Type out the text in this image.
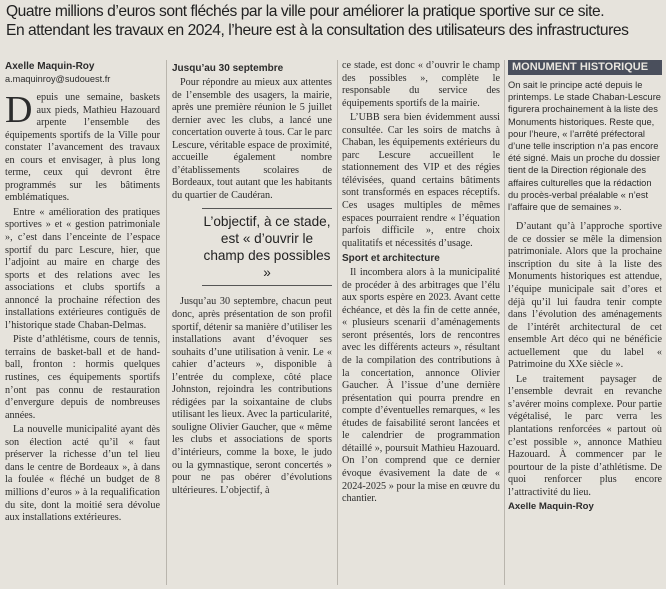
Quatre millions d’euros sont fléchés par la ville pour améliorer la pratique sportive sur ce site.
En attendant les travaux en 2024, l’heure est à la consultation des utilisateurs des infrastructures
Axelle Maquin-Roy
a.maquinroy@sudouest.fr

Depuis une semaine, baskets aux pieds, Mathieu Hazouard arpente l’ensemble des équipements sportifs de la Ville pour constater l’avancement des travaux en cours et envisager, à plus long terme, ceux qui devront être programmés sur les bâtiments emblématiques.

Entre « amélioration des pratiques sportives » et « gestion patrimoniale », c’est dans l’enceinte de l’espace sportif du parc Lescure, hier, que l’adjoint au maire en charge des sports et des relations avec les associations et clubs sportifs a annoncé la prochaine réfection des installations extérieures contiguës de l’historique stade Chaban-Delmas.

Piste d’athlétisme, cours de tennis, terrains de basket-ball et de hand-ball, fronton : hormis quelques rustines, ces équipements sportifs n’ont pas connu de restauration d’envergure depuis de nombreuses années.

La nouvelle municipalité ayant dès son élection acté qu’il « faut préserver la richesse d’un tel lieu dans le centre de Bordeaux », à dans la foulée « fléché un budget de 8 millions d’euros » à la requalification du site, dont la moitié sera dévolue aux installations extérieures.

Jusqu’au 30 septembre

Pour répondre au mieux aux attentes de l’ensemble des usagers, la mairie, après une première réunion le 5 juillet dernier avec les clubs, a lancé une concertation ouverte à tous. Car le parc Lescure, véritable espace de proximité, accueille également nombre d’établissements scolaires de Bordeaux, tout autant que les habitants du quartier de Caudéran.

L’objectif, à ce stade, est « d’ouvrir le champ des possibles »

Jusqu’au 30 septembre, chacun peut donc, après présentation de son profil sportif, détenir sa manière d’utiliser les installations avant d’évoquer ses souhaits d’une utilisation à venir. Le « cahier d’acteurs », disponible à l’entrée du complexe, côté place Johnston, rejoindra les contributions rédigées par la soixantaine de clubs utilisant les lieux. Avec la particularité, souligne Olivier Gaucher, que « même les clubs et associations de sports d’intérieurs, comme la boxe, le judo ou la gymnastique, seront concertés » pour ne pas obérer d’évolutions ultérieures. L’objectif, à

ce stade, est donc « d’ouvrir le champ des possibles », complète le responsable du service des équipements sportifs de la mairie.

L’UBB sera bien évidemment aussi consultée. Car les soirs de matchs à Chaban, les équipements extérieurs du parc Lescure accueillent le stationnement des VIP et des régies télévisées, quand certains bâtiments sont transformés en espaces réceptifs. Ces usages multiples de mêmes espaces pourraient rendre « l’équation parfois difficile », entre choix qualitatifs et nécessités d’usage.

Sport et architecture

Il incombera alors à la municipalité de procéder à des arbitrages que l’élu aux sports espère en 2023. Avant cette échéance, et dès la fin de cette année, « plusieurs scenarii d’aménagements seront présentés, lors de rencontres avec les différents acteurs », résultant de la compilation des contributions à la concertation, annonce Olivier Gaucher. À l’issue d’une dernière présentation qui pourra prendre en compte d’éventuelles remarques, « les études de faisabilité seront lancées et le calendrier de programmation détaillé », poursuit Mathieu Hazouard. On l’on comprend que ce dernier évoque évasivement la date de « 2024-2025 » pour la mise en œuvre du chantier.

MONUMENT HISTORIQUE
On sait le principe acté depuis le printemps. Le stade Chaban-Lescure figurera prochainement à la liste des Monuments historiques. Reste que, pour l’heure, « l’arrêté préfectoral d’une telle inscription n’a pas encore été signé. Mais un proche du dossier tient de la Direction régionale des affaires culturelles que la rédaction du procès-verbal préalable « n’est l’affaire que de semaines ».

D’autant qu’à l’approche sportive de ce dossier se mêle la dimension patrimoniale. Alors que la prochaine inscription du site à la liste des Monuments historiques est attendue, l’équipe municipale sait d’ores et déjà qu’il lui faudra tenir compte dans l’évolution des aménagements de l’intérêt architectural de cet ensemble Art déco qui ne bénéficie actuellement que du label « Patrimoine du XXe siècle ».

Le traitement paysager de l’ensemble devrait en revanche s’avérer moins complexe. Pour partie végétalisé, le parc verra les plantations renforcées « partout où c’est possible », annonce Mathieu Hazouard. À commencer par le pourtour de la piste d’athlétisme. De quoi renforcer plus encore l’attractivité du lieu.

Axelle Maquin-Roy
